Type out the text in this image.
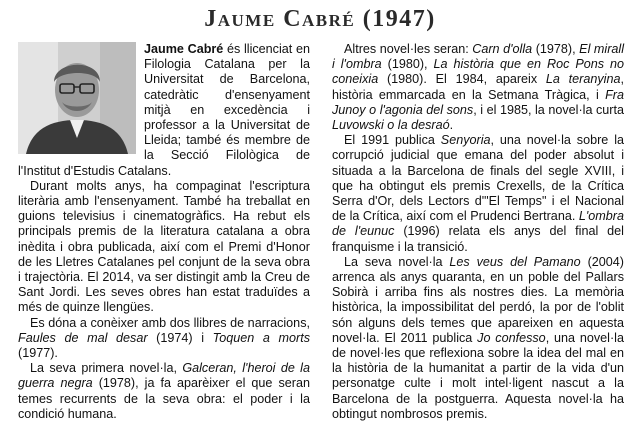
Jaume Cabré (1947)

Jaume Cabré és llicenciat en Filologia Catalana per la Universitat de Barcelona, catedràtic d'ensenyament mitjà en excedència i professor a la Universitat de Lleida; també és membre de la Secció Filològica de l'Institut d'Estudis Catalans.

Durant molts anys, ha compaginat l'escriptura literària amb l'ensenyament. També ha treballat en guions televisius i cinematogràfics. Ha rebut els principals premis de la literatura catalana a obra inèdita i obra publicada, així com el Premi d'Honor de les Lletres Catalanes pel conjunt de la seva obra i trajectòria. El 2014, va ser distingit amb la Creu de Sant Jordi. Les seves obres han estat traduïdes a més de quinze llengües.

Es dóna a conèixer amb dos llibres de narracions, Faules de mal desar (1974) i Toquen a morts (1977).

La seva primera novel·la, Galceran, l'heroi de la guerra negra (1978), ja fa aparèixer el que seran temes recurrents de la seva obra: el poder i la condició humana.

Altres novel·les seran: Carn d'olla (1978), El mirall i l'ombra (1980), La història que en Roc Pons no coneixia (1980). El 1984, apareix La teranyina, història emmarcada en la Setmana Tràgica, i Fra Junoy o l'agonia del sons, i el 1985, la novel·la curta Luvowski o la desraó.

El 1991 publica Senyoria, una novel·la sobre la corrupció judicial que emana del poder absolut i situada a la Barcelona de finals del segle XVIII, i que ha obtingut els premis Crexells, de la Crítica Serra d'Or, dels Lectors d'"El Temps" i el Nacional de la Crítica, així com el Prudenci Bertrana. L'ombra de l'eunuc (1996) relata els anys del final del franquisme i la transició.

La seva novel·la Les veus del Pamano (2004) arrenca als anys quaranta, en un poble del Pallars Sobirà i arriba fins als nostres dies. La memòria històrica, la impossibilitat del perdó, la por de l'oblit són alguns dels temes que apareixen en aquesta novel·la. El 2011 publica Jo confesso, una novel·la de novel·les que reflexiona sobre la idea del mal en la història de la humanitat a partir de la vida d'un personatge culte i molt intel·ligent nascut a la Barcelona de la postguerra. Aquesta novel·la ha obtingut nombrosos premis.
